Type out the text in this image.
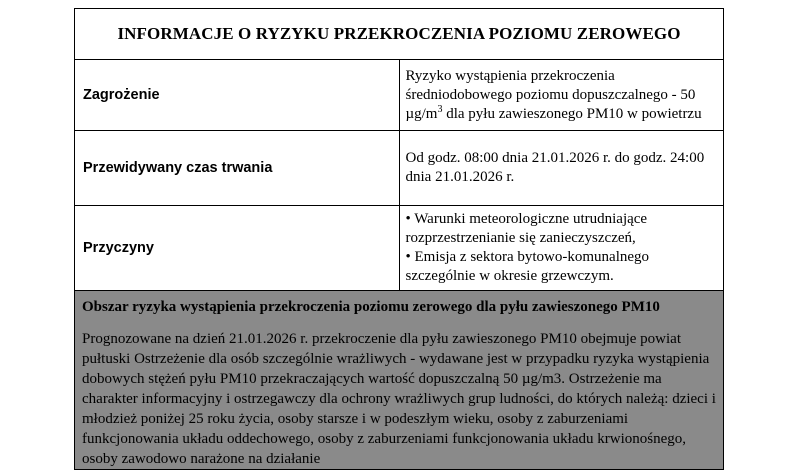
INFORMACJE O RYZYKU PRZEKROCZENIA POZIOMU ZEROWEGO	
Zagrożenie	Ryzyko wystąpienia przekroczenia średniodobowego poziomu dopuszczalnego - 50 $\mu g/m^3$ dla pyłu zawieszonego PM10 w powietrzu
Przewidywany czas trwania	Od godz. 08:00 dnia 21.01.2026 r. do godz. 24:00 dnia 21.01.2026 r.
Przyczyny	• Warunki meteorologiczne utrudniające rozprzestrzenianie się zanieczyszczeń,
• Emisja z sektora bytowo-komunalnego szczególnie w okresie grzewczym.

Obszar ryzyka wystąpienia przekroczenia poziomu zerowego dla pyłu zawieszonego PM10
Prognozowane na dzień 21.01.2026 r. przekroczenie dla pyłu zawieszonego PM10 obejmuje powiat pułtuski Ostrzeżenie dla osób szczególnie wrażliwych - wydawane jest w przypadku ryzyka wystąpienia dobowych stężeń pyłu PM10 przekraczających wartość dopuszczalną 50 µg/m3. Ostrzeżenie ma charakter informacyjny i ostrzegawczy dla ochrony wrażliwych grup ludności, do których należą: dzieci i młodzież poniżej 25 roku życia, osoby starsze i w podeszłym wieku, osoby z zaburzeniami funkcjonowania układu oddechowego, osoby z zaburzeniami funkcjonowania układu krwionośnego, osoby zawodowo narażone na działanie	
